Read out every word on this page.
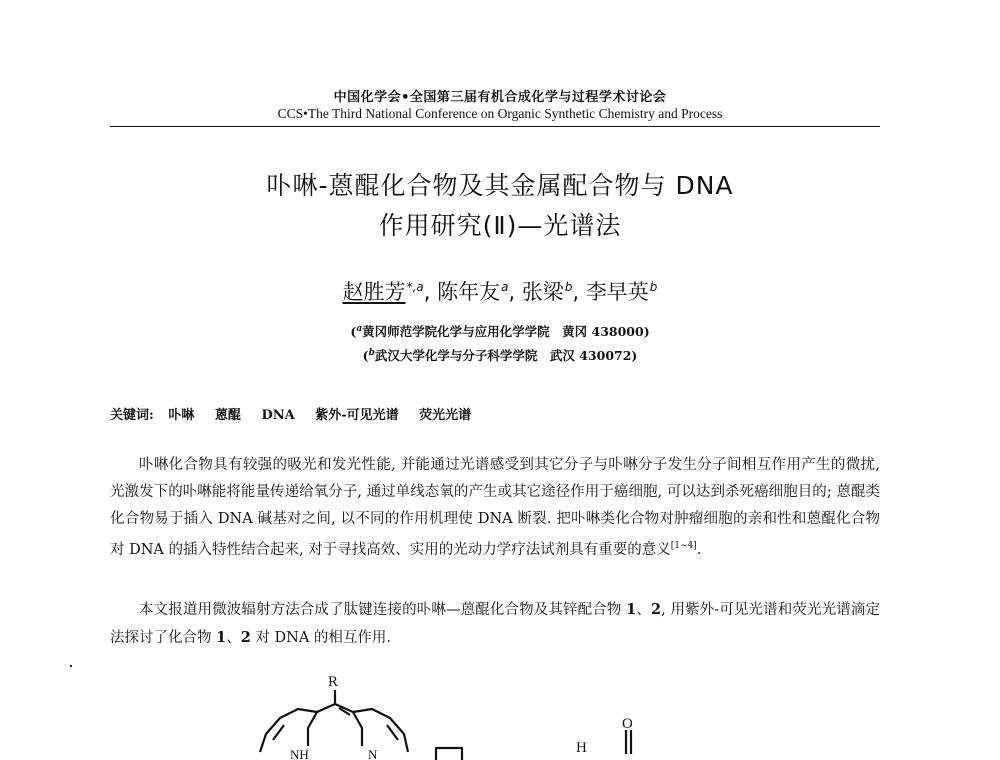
中国化学会•全国第三届有机合成化学与过程学术讨论会
CCS•The Third National Conference on Organic Synthetic Chemistry and Process
卟啉-蒽醌化合物及其金属配合物与 DNA
作用研究(Ⅱ)—光谱法
赵胜芳$^{*,a}$, 陈年友$^a$, 张梁$^b$, 李早英$^b$
($^a$黄冈师范学院化学与应用化学学院　黄冈 438000)
($^b$武汉大学化学与分子科学学院　武汉 430072)
关键词: 卟啉 蒽醌 DNA 紫外-可见光谱 荧光光谱
卟啉化合物具有较强的吸光和发光性能, 并能通过光谱感受到其它分子与卟啉分子发生分子间相互作用产生的微扰, 光激发下的卟啉能将能量传递给氧分子, 通过单线态氧的产生或其它途径作用于癌细胞, 可以达到杀死癌细胞目的; 蒽醌类化合物易于插入 DNA 碱基对之间, 以不同的作用机理使 DNA 断裂. 把卟啉类化合物对肿瘤细胞的亲和性和蒽醌化合物对 DNA 的插入特性结合起来, 对于寻找高效、实用的光动力学疗法试剂具有重要的意义[1~4].
本文报道用微波辐射方法合成了肽键连接的卟啉—蒽醌化合物及其锌配合物 1、2, 用紫外-可见光谱和荧光光谱滴定法探讨了化合物 1、2 对 DNA 的相互作用.
R
NH	N	H
O
